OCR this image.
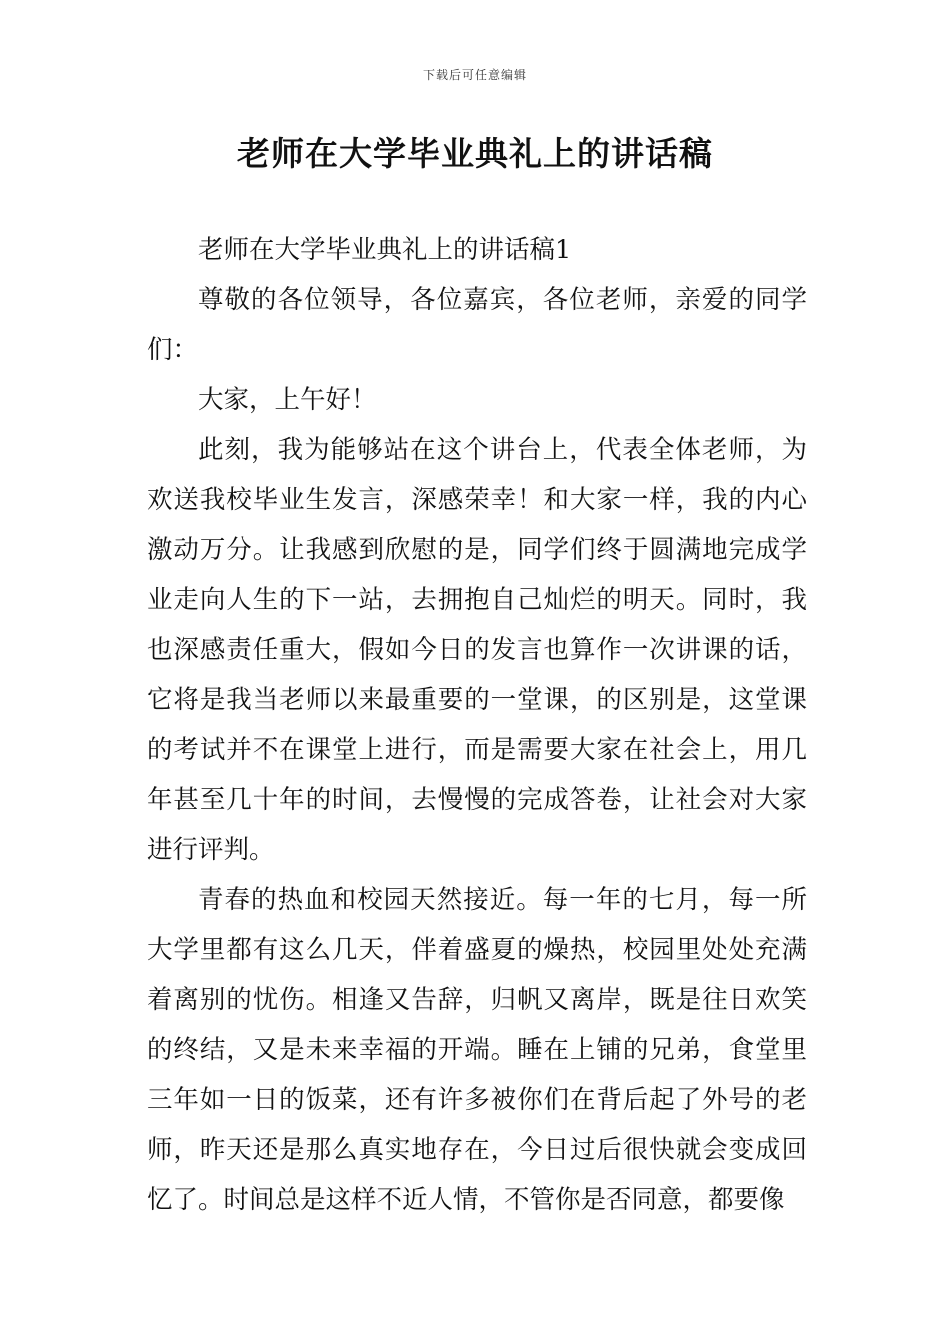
下载后可任意编辑
老师在大学毕业典礼上的讲话稿

老师在大学毕业典礼上的讲话稿1

尊敬的各位领导，各位嘉宾，各位老师，亲爱的同学们：

大家，上午好！

此刻，我为能够站在这个讲台上，代表全体老师，为欢送我校毕业生发言，深感荣幸！和大家一样，我的内心激动万分。让我感到欣慰的是，同学们终于圆满地完成学业走向人生的下一站，去拥抱自己灿烂的明天。同时，我也深感责任重大，假如今日的发言也算作一次讲课的话，它将是我当老师以来最重要的一堂课，的区别是，这堂课的考试并不在课堂上进行，而是需要大家在社会上，用几年甚至几十年的时间，去慢慢的完成答卷，让社会对大家进行评判。

青春的热血和校园天然接近。每一年的七月，每一所大学里都有这么几天，伴着盛夏的燥热，校园里处处充满着离别的忧伤。相逢又告辞，归帆又离岸，既是往日欢笑的终结，又是未来幸福的开端。睡在上铺的兄弟，食堂里三年如一日的饭菜，还有许多被你们在背后起了外号的老师，昨天还是那么真实地存在，今日过后很快就会变成回忆了。时间总是这样不近人情，不管你是否同意，都要像
